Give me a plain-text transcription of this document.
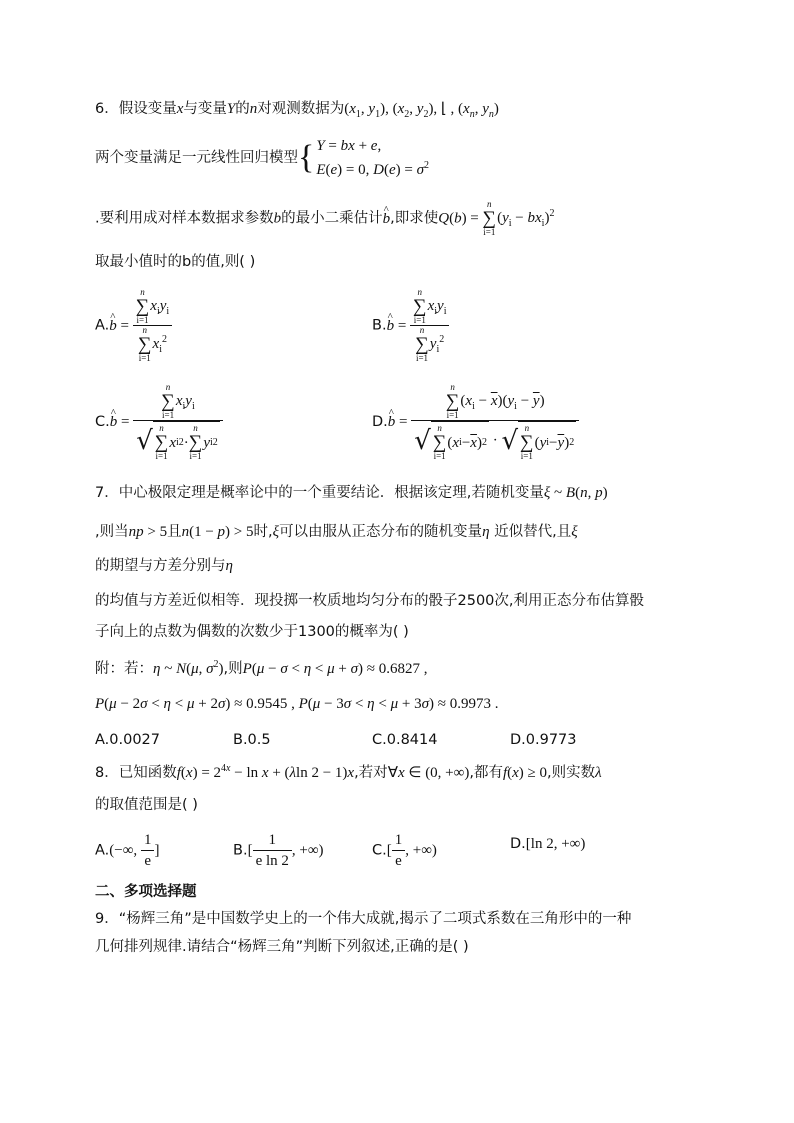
6．假设变量x与变量Y的n对观测数据为($x_1$, $y_1$), ($x_2$, $y_2$), ⌊ , ($x_n$, $y_n$)
两个变量满足一元线性回归模型{ Y = bx + e,
E(e) = 0, $D(e) = \sigma^2$
.要利用成对样本数据求参数b的最小二乘估计^ b,即求使Q(b) =
n
∑
i=1
$(y_i - bx_i)^2$
取最小值时的b的值,则( )
A.^ b = n
∑
i=1
$x_iy_i$
n
∑
i=1
$x_i^2$	B.^ b = n
∑
i=1
$x_iy_i$
n
∑
i=1
$y_i^2$
C.^ b = n
∑
i=1
$x_iy_i$
√ n
∑
i=1
x i 2 ·
n
∑
i=1
y i 2	D.^ b = n
∑
i=1
$(x_i - \overline{x})(y_i - \overline{y})$
√ n
∑
i=1
( x $i - \overline{x}$ ) 2 · √ n
∑
i=1
( y $i - \overline{y}$ ) 2
7．中心极限定理是概率论中的一个重要结论．根据该定理,若随机变量ξ ~ B(n, p)
,则当np > 5且n(1 − p) > 5时,ξ可以由服从正态分布的随机变量η 近似替代,且ξ
的期望与方差分别与η
的均值与方差近似相等．现投掷一枚质地均匀分布的骰子2500次,利用正态分布估算骰
子向上的点数为偶数的次数少于1300的概率为( )
附：若：η ~ N(μ, $\sigma^2$),则P(μ − σ < η < μ + σ) ≈ 0.6827 ,
P(μ − 2σ < η < μ + 2σ) ≈ 0.9545 , P(μ − 3σ < η < μ + 3σ) ≈ 0.9973 .
A.0.0027	B.0.5	C.0.8414	D.0.9773
8．已知函数$f(x) = 2^{4x} - \ln x + (\lambda\ln$ 2 − 1)x,若对∀x ∈ (0, +∞),都有f(x) ≥ 0,则实数λ
的取值范围是( )
A.(−∞, $\frac{1}{e}$ ]	$B.[ \frac{1}{\text{e ln 2}}$ , +∞)	$C.[ \frac{1}{e}$ , +∞)	D.[ln 2, +∞)
二、多项选择题
9．“杨辉三角”是中国数学史上的一个伟大成就,揭示了二项式系数在三角形中的一种
几何排列规律.请结合“杨辉三角”判断下列叙述,正确的是( )
